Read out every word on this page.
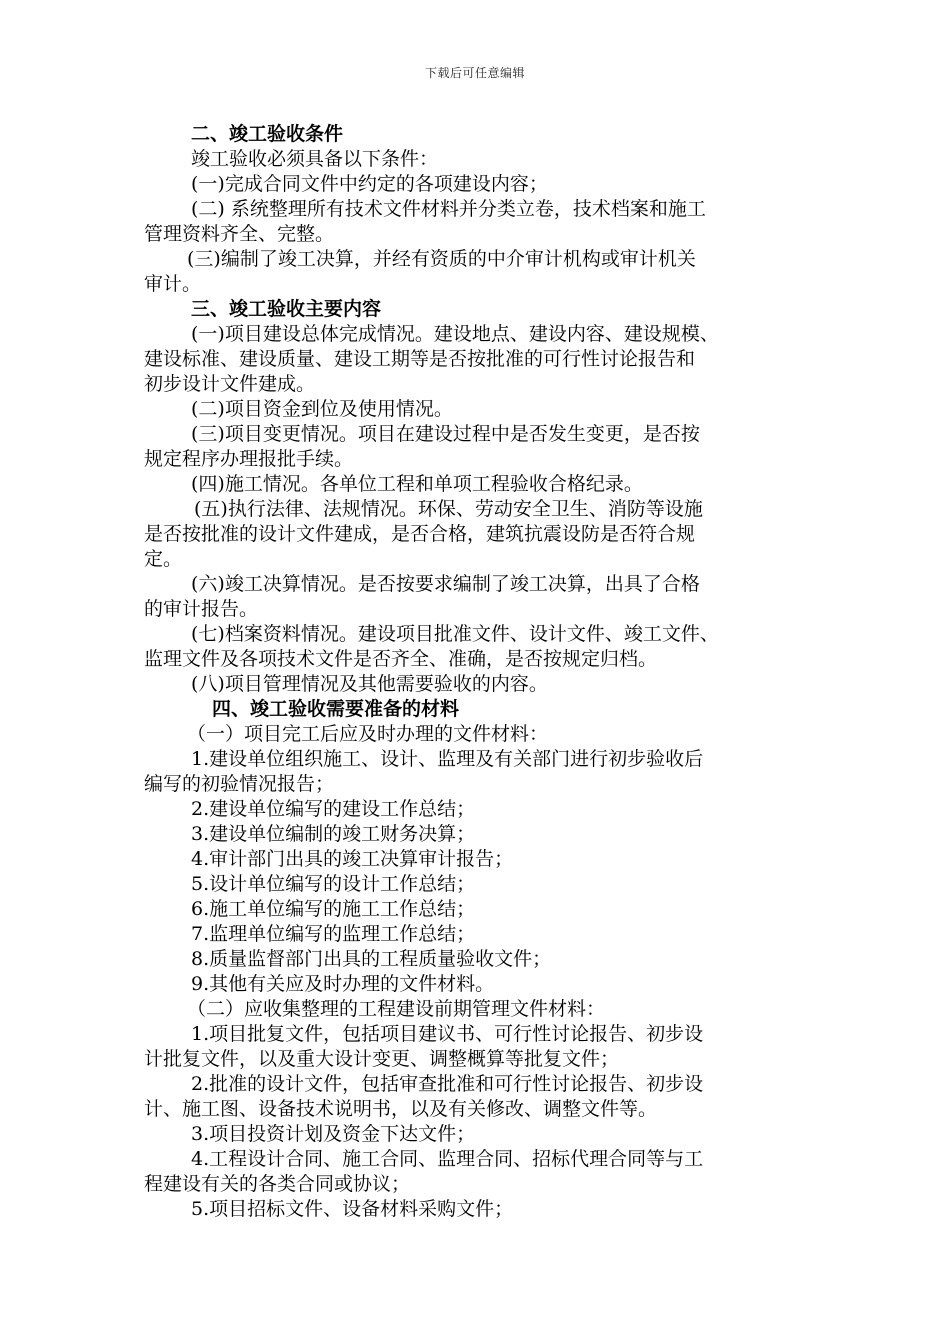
下载后可任意编辑

二、竣工验收条件

竣工验收必须具备以下条件：

(一)完成合同文件中约定的各项建设内容；

(二) 系统整理所有技术文件材料并分类立卷，技术档案和施工

管理资料齐全、完整。

(三)编制了竣工决算，并经有资质的中介审计机构或审计机关

审计。

三、竣工验收主要内容

(一)项目建设总体完成情况。建设地点、建设内容、建设规模、

建设标准、建设质量、建设工期等是否按批准的可行性讨论报告和

初步设计文件建成。

(二)项目资金到位及使用情况。

(三)项目变更情况。项目在建设过程中是否发生变更，是否按

规定程序办理报批手续。

(四)施工情况。各单位工程和单项工程验收合格纪录。

(五)执行法律、法规情况。环保、劳动安全卫生、消防等设施

是否按批准的设计文件建成，是否合格，建筑抗震设防是否符合规

定。

(六)竣工决算情况。是否按要求编制了竣工决算，出具了合格

的审计报告。

(七)档案资料情况。建设项目批准文件、设计文件、竣工文件、

监理文件及各项技术文件是否齐全、准确，是否按规定归档。

(八)项目管理情况及其他需要验收的内容。

四、竣工验收需要准备的材料

（一）项目完工后应及时办理的文件材料：

1.建设单位组织施工、设计、监理及有关部门进行初步验收后

编写的初验情况报告；

2.建设单位编写的建设工作总结；

3.建设单位编制的竣工财务决算；

4.审计部门出具的竣工决算审计报告；

5.设计单位编写的设计工作总结；

6.施工单位编写的施工工作总结；

7.监理单位编写的监理工作总结；

8.质量监督部门出具的工程质量验收文件；

9.其他有关应及时办理的文件材料。

（二）应收集整理的工程建设前期管理文件材料：

1.项目批复文件，包括项目建议书、可行性讨论报告、初步设

计批复文件，以及重大设计变更、调整概算等批复文件；

2.批准的设计文件，包括审查批准和可行性讨论报告、初步设

计、施工图、设备技术说明书，以及有关修改、调整文件等。

3.项目投资计划及资金下达文件；

4.工程设计合同、施工合同、监理合同、招标代理合同等与工

程建设有关的各类合同或协议；

5.项目招标文件、设备材料采购文件；
